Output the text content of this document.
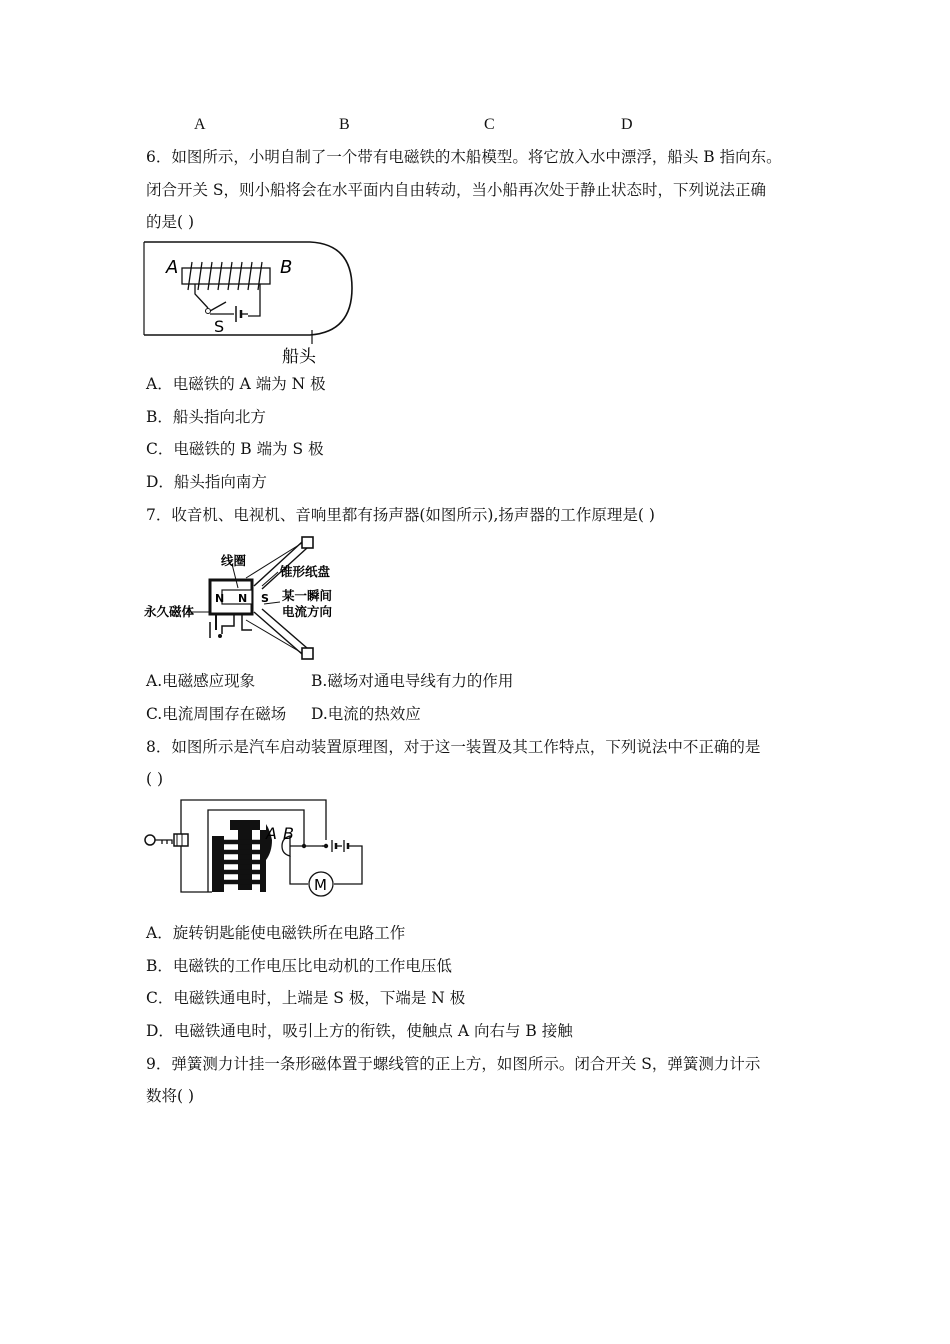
A	B	C	D
6．如图所示，小明自制了一个带有电磁铁的木船模型。将它放入水中漂浮，船头 B 指向东。
闭合开关 S，则小船将会在水平面内自由转动，当小船再次处于静止状态时，下列说法正确
的是( )
A	B
S
船头
A．电磁铁的 A 端为 N 极
B．船头指向北方
C．电磁铁的 B 端为 S 极
D．船头指向南方
7．收音机、电视机、音响里都有扬声器(如图所示),扬声器的工作原理是( )
线圈
锥形纸盘
永久磁体
某一瞬间
电流方向
N N S
A.电磁感应现象	B.磁场对通电导线有力的作用
C.电流周围存在磁场 D.电流的热效应
8．如图所示是汽车启动装置原理图，对于这一装置及其工作特点，下列说法中不正确的是
( )
M
A B
A．旋转钥匙能使电磁铁所在电路工作
B．电磁铁的工作电压比电动机的工作电压低
C．电磁铁通电时，上端是 S 极，下端是 N 极
D．电磁铁通电时，吸引上方的衔铁，使触点 A 向右与 B 接触
9．弹簧测力计挂一条形磁体置于螺线管的正上方，如图所示。闭合开关 S，弹簧测力计示
数将( )
